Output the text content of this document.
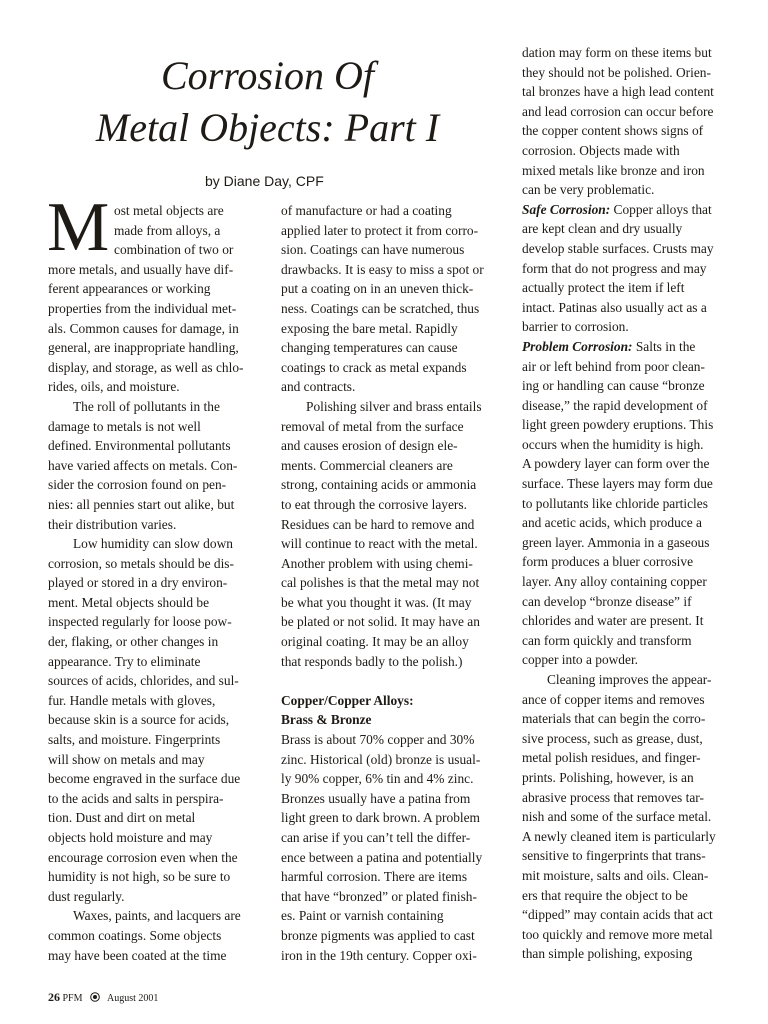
Corrosion Of
Metal Objects: Part I
by Diane Day, CPF
M ost metal objects are
made from alloys, a
combination of two or
more metals, and usually have dif-
ferent appearances or working
properties from the individual met-
als. Common causes for damage, in
general, are inappropriate handling,
display, and storage, as well as chlo-
rides, oils, and moisture.
The roll of pollutants in the
damage to metals is not well
defined. Environmental pollutants
have varied affects on metals. Con-
sider the corrosion found on pen-
nies: all pennies start out alike, but
their distribution varies.
Low humidity can slow down
corrosion, so metals should be dis-
played or stored in a dry environ-
ment. Metal objects should be
inspected regularly for loose pow-
der, flaking, or other changes in
appearance. Try to eliminate
sources of acids, chlorides, and sul-
fur. Handle metals with gloves,
because skin is a source for acids,
salts, and moisture. Fingerprints
will show on metals and may
become engraved in the surface due
to the acids and salts in perspira-
tion. Dust and dirt on metal
objects hold moisture and may
encourage corrosion even when the
humidity is not high, so be sure to
dust regularly.
Waxes, paints, and lacquers are
common coatings. Some objects
may have been coated at the time
of manufacture or had a coating
applied later to protect it from corro-
sion. Coatings can have numerous
drawbacks. It is easy to miss a spot or
put a coating on in an uneven thick-
ness. Coatings can be scratched, thus
exposing the bare metal. Rapidly
changing temperatures can cause
coatings to crack as metal expands
and contracts.
Polishing silver and brass entails
removal of metal from the surface
and causes erosion of design ele-
ments. Commercial cleaners are
strong, containing acids or ammonia
to eat through the corrosive layers.
Residues can be hard to remove and
will continue to react with the metal.
Another problem with using chemi-
cal polishes is that the metal may not
be what you thought it was. (It may
be plated or not solid. It may have an
original coating. It may be an alloy
that responds badly to the polish.)
Copper/Copper Alloys:
Brass & Bronze
Brass is about 70% copper and 30%
zinc. Historical (old) bronze is usual-
ly 90% copper, 6% tin and 4% zinc.
Bronzes usually have a patina from
light green to dark brown. A problem
can arise if you can’t tell the differ-
ence between a patina and potentially
harmful corrosion. There are items
that have “bronzed” or plated finish-
es. Paint or varnish containing
bronze pigments was applied to cast
iron in the 19th century. Copper oxi-
dation may form on these items but
they should not be polished. Orien-
tal bronzes have a high lead content
and lead corrosion can occur before
the copper content shows signs of
corrosion. Objects made with
mixed metals like bronze and iron
can be very problematic.
Safe Corrosion: Copper alloys that
are kept clean and dry usually
develop stable surfaces. Crusts may
form that do not progress and may
actually protect the item if left
intact. Patinas also usually act as a
barrier to corrosion.
Problem Corrosion: Salts in the
air or left behind from poor clean-
ing or handling can cause “bronze
disease,” the rapid development of
light green powdery eruptions. This
occurs when the humidity is high.
A powdery layer can form over the
surface. These layers may form due
to pollutants like chloride particles
and acetic acids, which produce a
green layer. Ammonia in a gaseous
form produces a bluer corrosive
layer. Any alloy containing copper
can develop “bronze disease” if
chlorides and water are present. It
can form quickly and transform
copper into a powder.
Cleaning improves the appear-
ance of copper items and removes
materials that can begin the corro-
sive process, such as grease, dust,
metal polish residues, and finger-
prints. Polishing, however, is an
abrasive process that removes tar-
nish and some of the surface metal.
A newly cleaned item is particularly
sensitive to fingerprints that trans-
mit moisture, salts and oils. Clean-
ers that require the object to be
“dipped” may contain acids that act
too quickly and remove more metal
than simple polishing, exposing
26 PFM August 2001
